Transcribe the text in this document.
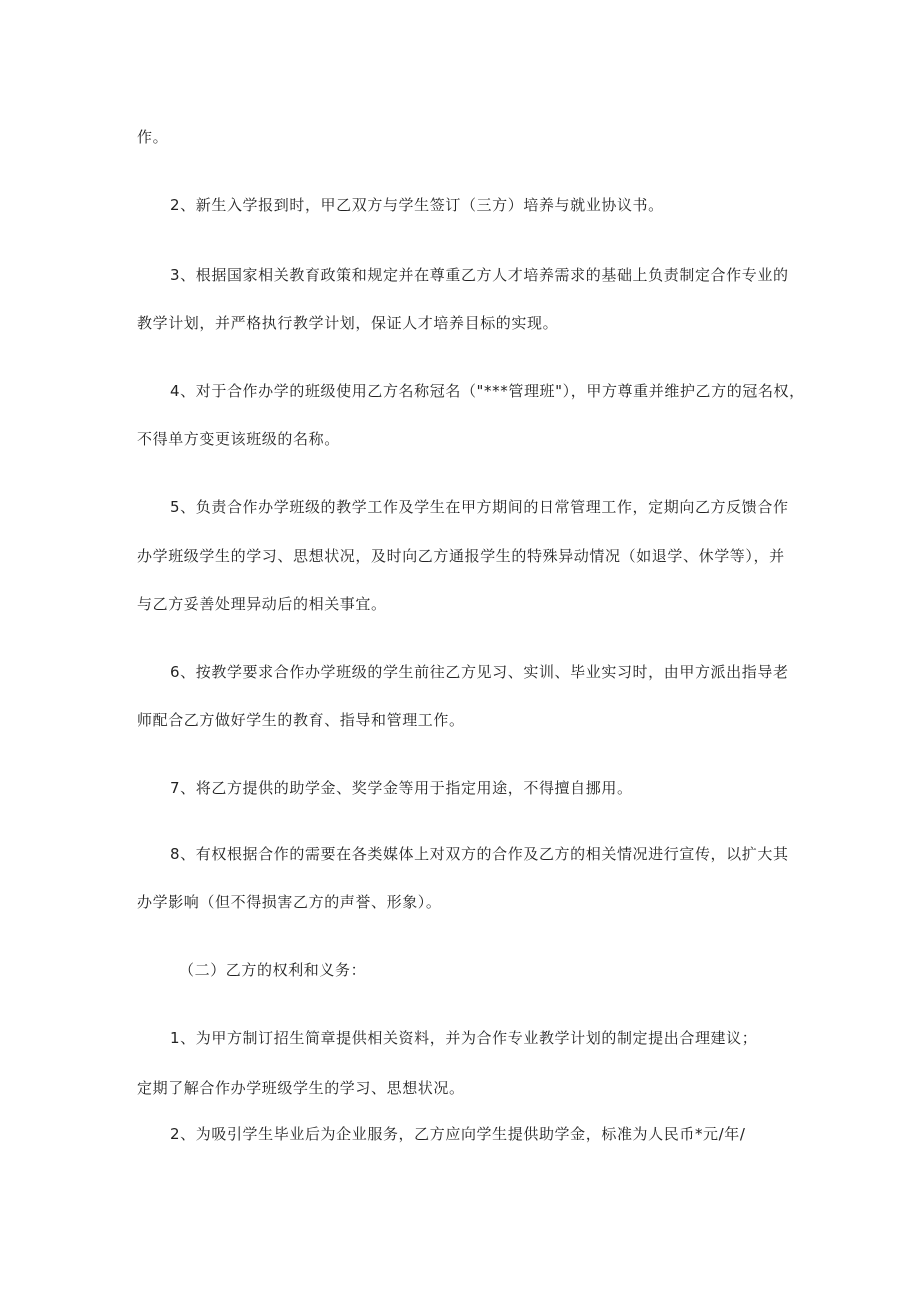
作。
2、新生入学报到时，甲乙双方与学生签订（三方）培养与就业协议书。
3、根据国家相关教育政策和规定并在尊重乙方人才培养需求的基础上负责制定合作专业的
教学计划，并严格执行教学计划，保证人才培养目标的实现。
4、对于合作办学的班级使用乙方名称冠名（"***管理班"），甲方尊重并维护乙方的冠名权，
不得单方变更该班级的名称。
5、负责合作办学班级的教学工作及学生在甲方期间的日常管理工作，定期向乙方反馈合作
办学班级学生的学习、思想状况，及时向乙方通报学生的特殊异动情况（如退学、休学等），并
与乙方妥善处理异动后的相关事宜。
6、按教学要求合作办学班级的学生前往乙方见习、实训、毕业实习时，由甲方派出指导老
师配合乙方做好学生的教育、指导和管理工作。
7、将乙方提供的助学金、奖学金等用于指定用途，不得擅自挪用。
8、有权根据合作的需要在各类媒体上对双方的合作及乙方的相关情况进行宣传，以扩大其
办学影响（但不得损害乙方的声誉、形象）。
（二）乙方的权利和义务：
1、为甲方制订招生简章提供相关资料，并为合作专业教学计划的制定提出合理建议；
定期了解合作办学班级学生的学习、思想状况。
2、为吸引学生毕业后为企业服务，乙方应向学生提供助学金，标准为人民币*元/年/
